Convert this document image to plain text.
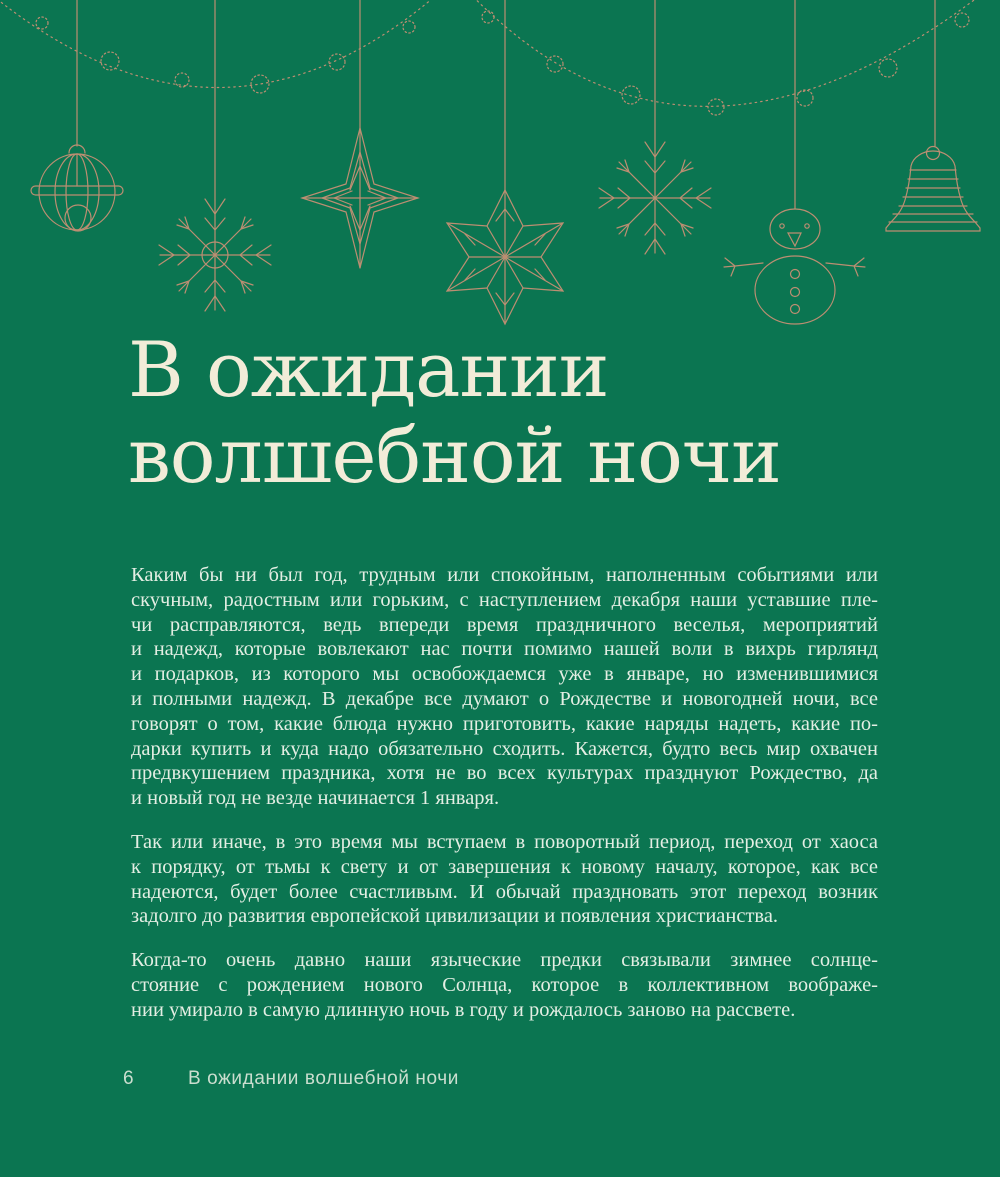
В ожидании
волшебной ночи
Каким бы ни был год, трудным или спокойным, наполненным событиями или
скучным, радостным или горьким, с наступлением декабря наши уставшие пле-
чи расправляются, ведь впереди время праздничного веселья, мероприятий
и надежд, которые вовлекают нас почти помимо нашей воли в вихрь гирлянд
и подарков, из которого мы освобождаемся уже в январе, но изменившимися
и полными надежд. В декабре все думают о Рождестве и новогодней ночи, все
говорят о том, какие блюда нужно приготовить, какие наряды надеть, какие по-
дарки купить и куда надо обязательно сходить. Кажется, будто весь мир охвачен
предвкушением праздника, хотя не во всех культурах празднуют Рождество, да
и новый год не везде начинается 1 января.
Так или иначе, в это время мы вступаем в поворотный период, переход от хаоса
к порядку, от тьмы к свету и от завершения к новому началу, которое, как все
надеются, будет более счастливым. И обычай праздновать этот переход возник
задолго до развития европейской цивилизации и появления христианства.
Когда-то очень давно наши языческие предки связывали зимнее солнце-
стояние с рождением нового Солнца, которое в коллективном воображе-
нии умирало в самую длинную ночь в году и рождалось заново на рассвете.
6	В ожидании волшебной ночи
